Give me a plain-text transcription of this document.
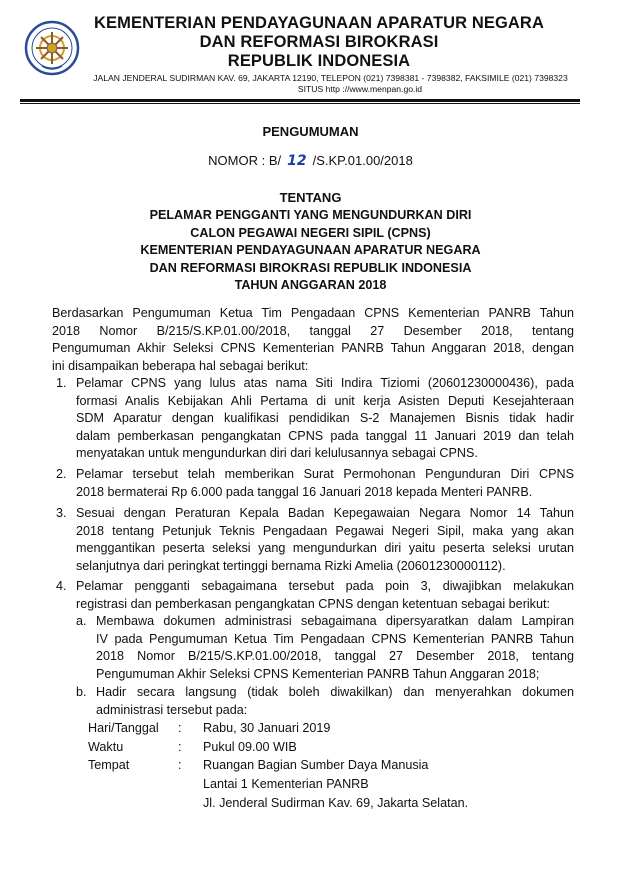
KEMENTERIAN PENDAYAGUNAAN APARATUR NEGARA
DAN REFORMASI BIROKRASI
REPUBLIK INDONESIA
JALAN JENDERAL SUDIRMAN KAV. 69, JAKARTA 12190, TELEPON (021) 7398381 - 7398382, FAKSIMILE (021) 7398323
SITUS http ://www.menpan.go.id
PENGUMUMAN
NOMOR : B/ 12 /S.KP.01.00/2018
TENTANG
PELAMAR PENGGANTI YANG MENGUNDURKAN DIRI
CALON PEGAWAI NEGERI SIPIL (CPNS)
KEMENTERIAN PENDAYAGUNAAN APARATUR NEGARA
DAN REFORMASI BIROKRASI REPUBLIK INDONESIA
TAHUN ANGGARAN 2018
Berdasarkan Pengumuman Ketua Tim Pengadaan CPNS Kementerian PANRB Tahun
2018 Nomor B/215/S.KP.01.00/2018, tanggal 27 Desember 2018, tentang
Pengumuman Akhir Seleksi CPNS Kementerian PANRB Tahun Anggaran 2018, dengan
ini disampaikan beberapa hal sebagai berikut:
1. Pelamar CPNS yang lulus atas nama Siti Indira Tiziomi (20601230000436), pada
formasi Analis Kebijakan Ahli Pertama di unit kerja Asisten Deputi Kesejahteraan
SDM Aparatur dengan kualifikasi pendidikan S-2 Manajemen Bisnis tidak hadir
dalam pemberkasan pengangkatan CPNS pada tanggal 11 Januari 2019 dan telah
menyatakan untuk mengundurkan diri dari kelulusannya sebagai CPNS.
2. Pelamar tersebut telah memberikan Surat Permohonan Pengunduran Diri CPNS
2018 bermaterai Rp 6.000 pada tanggal 16 Januari 2018 kepada Menteri PANRB.
3. Sesuai dengan Peraturan Kepala Badan Kepegawaian Negara Nomor 14 Tahun
2018 tentang Petunjuk Teknis Pengadaan Pegawai Negeri Sipil, maka yang akan
menggantikan peserta seleksi yang mengundurkan diri yaitu peserta seleksi urutan
selanjutnya dari peringkat tertinggi bernama Rizki Amelia (20601230000112).
4. Pelamar pengganti sebagaimana tersebut pada poin 3, diwajibkan melakukan
registrasi dan pemberkasan pengangkatan CPNS dengan ketentuan sebagai berikut:
a. Membawa dokumen administrasi sebagaimana dipersyaratkan dalam Lampiran
IV pada Pengumuman Ketua Tim Pengadaan CPNS Kementerian PANRB Tahun
2018 Nomor B/215/S.KP.01.00/2018, tanggal 27 Desember 2018, tentang
Pengumuman Akhir Seleksi CPNS Kementerian PANRB Tahun Anggaran 2018;
b. Hadir secara langsung (tidak boleh diwakilkan) dan menyerahkan dokumen
administrasi tersebut pada:
Hari/Tanggal : Rabu, 30 Januari 2019
Waktu	: Pukul 09.00 WIB
Tempat	: Ruangan Bagian Sumber Daya Manusia
Lantai 1 Kementerian PANRB
Jl. Jenderal Sudirman Kav. 69, Jakarta Selatan.
